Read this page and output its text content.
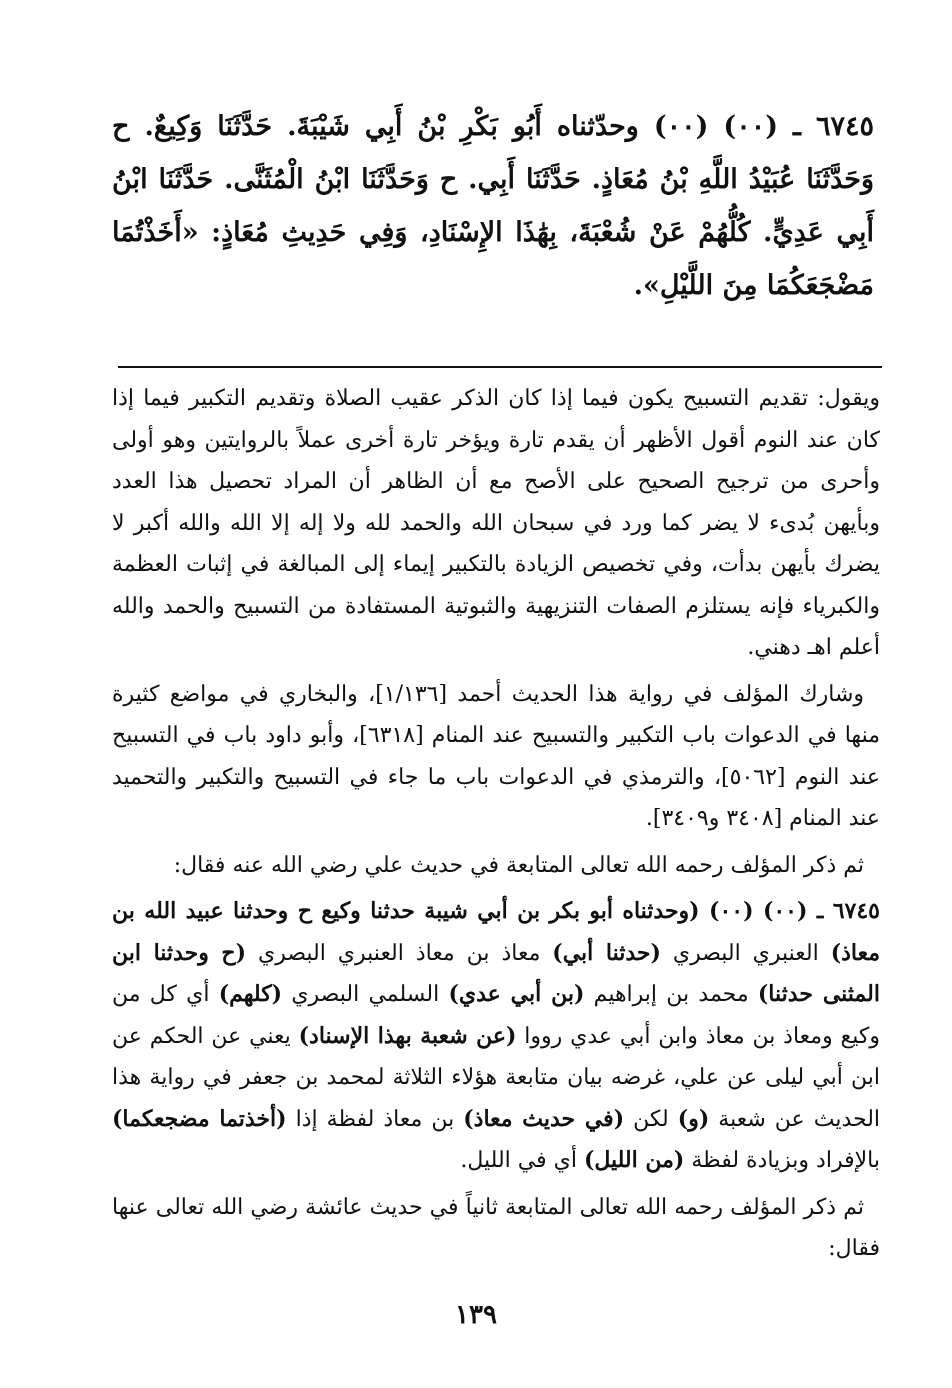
٦٧٤٥ ـ (٠٠) (٠٠) وحدّثناه أَبُو بَكْرِ بْنُ أَبِي شَيْبَةَ. حَدَّثَنَا وَكِيعٌ. ح وَحَدَّثَنَا عُبَيْدُ اللَّهِ بْنُ مُعَاذٍ. حَدَّثَنَا أَبِي. ح وَحَدَّثَنَا ابْنُ الْمُثَنَّى. حَدَّثَنَا ابْنُ أَبِي عَدِيٍّ. كُلُّهُمْ عَنْ شُعْبَةَ، بِهَٰذَا الإِسْنَادِ، وَفِي حَدِيثِ مُعَاذٍ: «أَخَذْتُمَا مَضْجَعَكُمَا مِنَ اللَّيْلِ».

ويقول: تقديم التسبيح يكون فيما إذا كان الذكر عقيب الصلاة وتقديم التكبير فيما إذا كان عند النوم أقول الأظهر أن يقدم تارة ويؤخر تارة أخرى عملاً بالروايتين وهو أولى وأحرى من ترجيح الصحيح على الأصح مع أن الظاهر أن المراد تحصيل هذا العدد وبأيهن بُدىء لا يضر كما ورد في سبحان الله والحمد لله ولا إله إلا الله والله أكبر لا يضرك بأيهن بدأت، وفي تخصيص الزيادة بالتكبير إيماء إلى المبالغة في إثبات العظمة والكبرياء فإنه يستلزم الصفات التنزيهية والثبوتية المستفادة من التسبيح والحمد والله أعلم اهـ دهني.

وشارك المؤلف في رواية هذا الحديث أحمد [١/١٣٦]، والبخاري في مواضع كثيرة منها في الدعوات باب التكبير والتسبيح عند المنام [٦٣١٨]، وأبو داود باب في التسبيح عند النوم [٥٠٦٢]، والترمذي في الدعوات باب ما جاء في التسبيح والتكبير والتحميد عند المنام [٣٤٠٨ و٣٤٠٩].

ثم ذكر المؤلف رحمه الله تعالى المتابعة في حديث علي رضي الله عنه فقال:

٦٧٤٥ ـ (٠٠) (٠٠) (وحدثناه أبو بكر بن أبي شيبة حدثنا وكيع ح وحدثنا عبيد الله بن معاذ) العنبري البصري (حدثنا أبي) معاذ بن معاذ العنبري البصري (ح وحدثنا ابن المثنى حدثنا) محمد بن إبراهيم (بن أبي عدي) السلمي البصري (كلهم) أي كل من وكيع ومعاذ بن معاذ وابن أبي عدي رووا (عن شعبة بهذا الإسناد) يعني عن الحكم عن ابن أبي ليلى عن علي، غرضه بيان متابعة هؤلاء الثلاثة لمحمد بن جعفر في رواية هذا الحديث عن شعبة (و) لكن (في حديث معاذ) بن معاذ لفظة إذا (أخذتما مضجعكما) بالإفراد وبزيادة لفظة (من الليل) أي في الليل.

ثم ذكر المؤلف رحمه الله تعالى المتابعة ثانياً في حديث عائشة رضي الله تعالى عنها فقال:

١٣٩
